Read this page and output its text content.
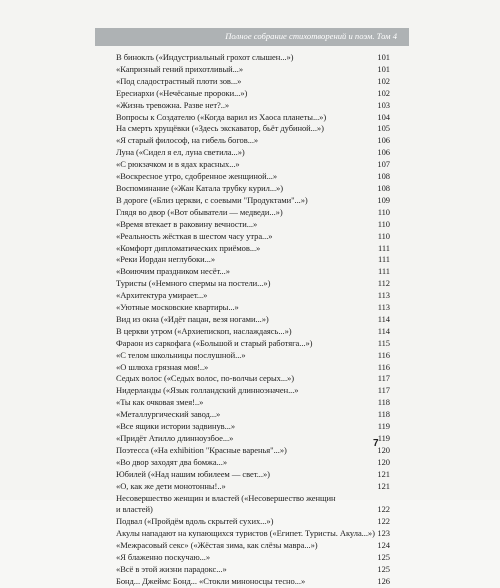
Полное собрание стихотворений и поэм. Том 4
В биноклъ («Индустриальный грохот слышен...»)	101
«Капризный гений прихотливый...»	101
«Под сладострастный плоти зов...»	102
Ересиархи («Нечёсаные пророки...»)	102
«Жизнь тревожна. Разве нет?..»	103
Вопросы к Создателю («Когда варил из Хаоса планеты...»)	104
На смерть хрущёвки («Здесь экскаватор, бьёт дубиной...»)	105
«Я старый философ, на гибель богов...»	106
Луна («Сидел я ел, луна светила...»)	106
«С рюкзачком и в ядах красных...»	107
«Воскресное утро, сдобренное женщиной...»	108
Воспоминание («Жан Катала трубку курил...»)	108
В дороге («Близ церкви, с соевыми "Продуктами"...»)	109
Глядя во двор («Вот обыватели — медведи...»)	110
«Время втекает в раковину вечности...»	110
«Реальность жёсткая в шестом часу утра...»	110
«Комфорт дипломатических приёмов...»	111
«Реки Иордан неглубоки...»	111
«Воиючим праздником несёт...»	111
Туристы («Немного спермы на постели...»)	112
«Архитектура умирает...»	113
«Уютные московские квартиры...»	113
Вид из окна («Идёт пацан, везя ногами...»)	114
В церкви утром («Архиепископ, наслаждаясь...»)	114
Фараон из саркофага («Большой и старый работяга...»)	115
«С телом школьницы послушной...»	116
«О шлюха грязная моя!..»	116
Седых волос («Седых волос, по-волчьи серых...»)	117
Нидерланды («Язык голландский длинноэначен...»	117
«Ты как очковая змея!..»	118
«Металлургический завод...»	118
«Все ящики истории задвинув...»	119
«Придёт Атилло длинноузбое...»	119
Поэтесса («На exhibition "Красные варенья"...»)	120
«Во двор заходят два бомжа...»	120
Юбилей («Над нашим юбилеем — свет...»)	121
«О, как же дети монотонны!..»	121
Несовершество женщин и властей («Несовершество женщин
и властей)	122
Подвал («Пройдём вдоль скрытей сухих...»)	122
Акулы нападают на купающихся туристов («Египет. Туристы. Акула...») 123
«Межрасовый секс» («Жёстая зима, как слёзы мавра...»)	124
«Я блаженно поскучаю...»	125
«Всё в этой жизни парадокс...»	125
Бонд... Джеймс Бонд... «Стокли миноносцы тесно...»	126
7
